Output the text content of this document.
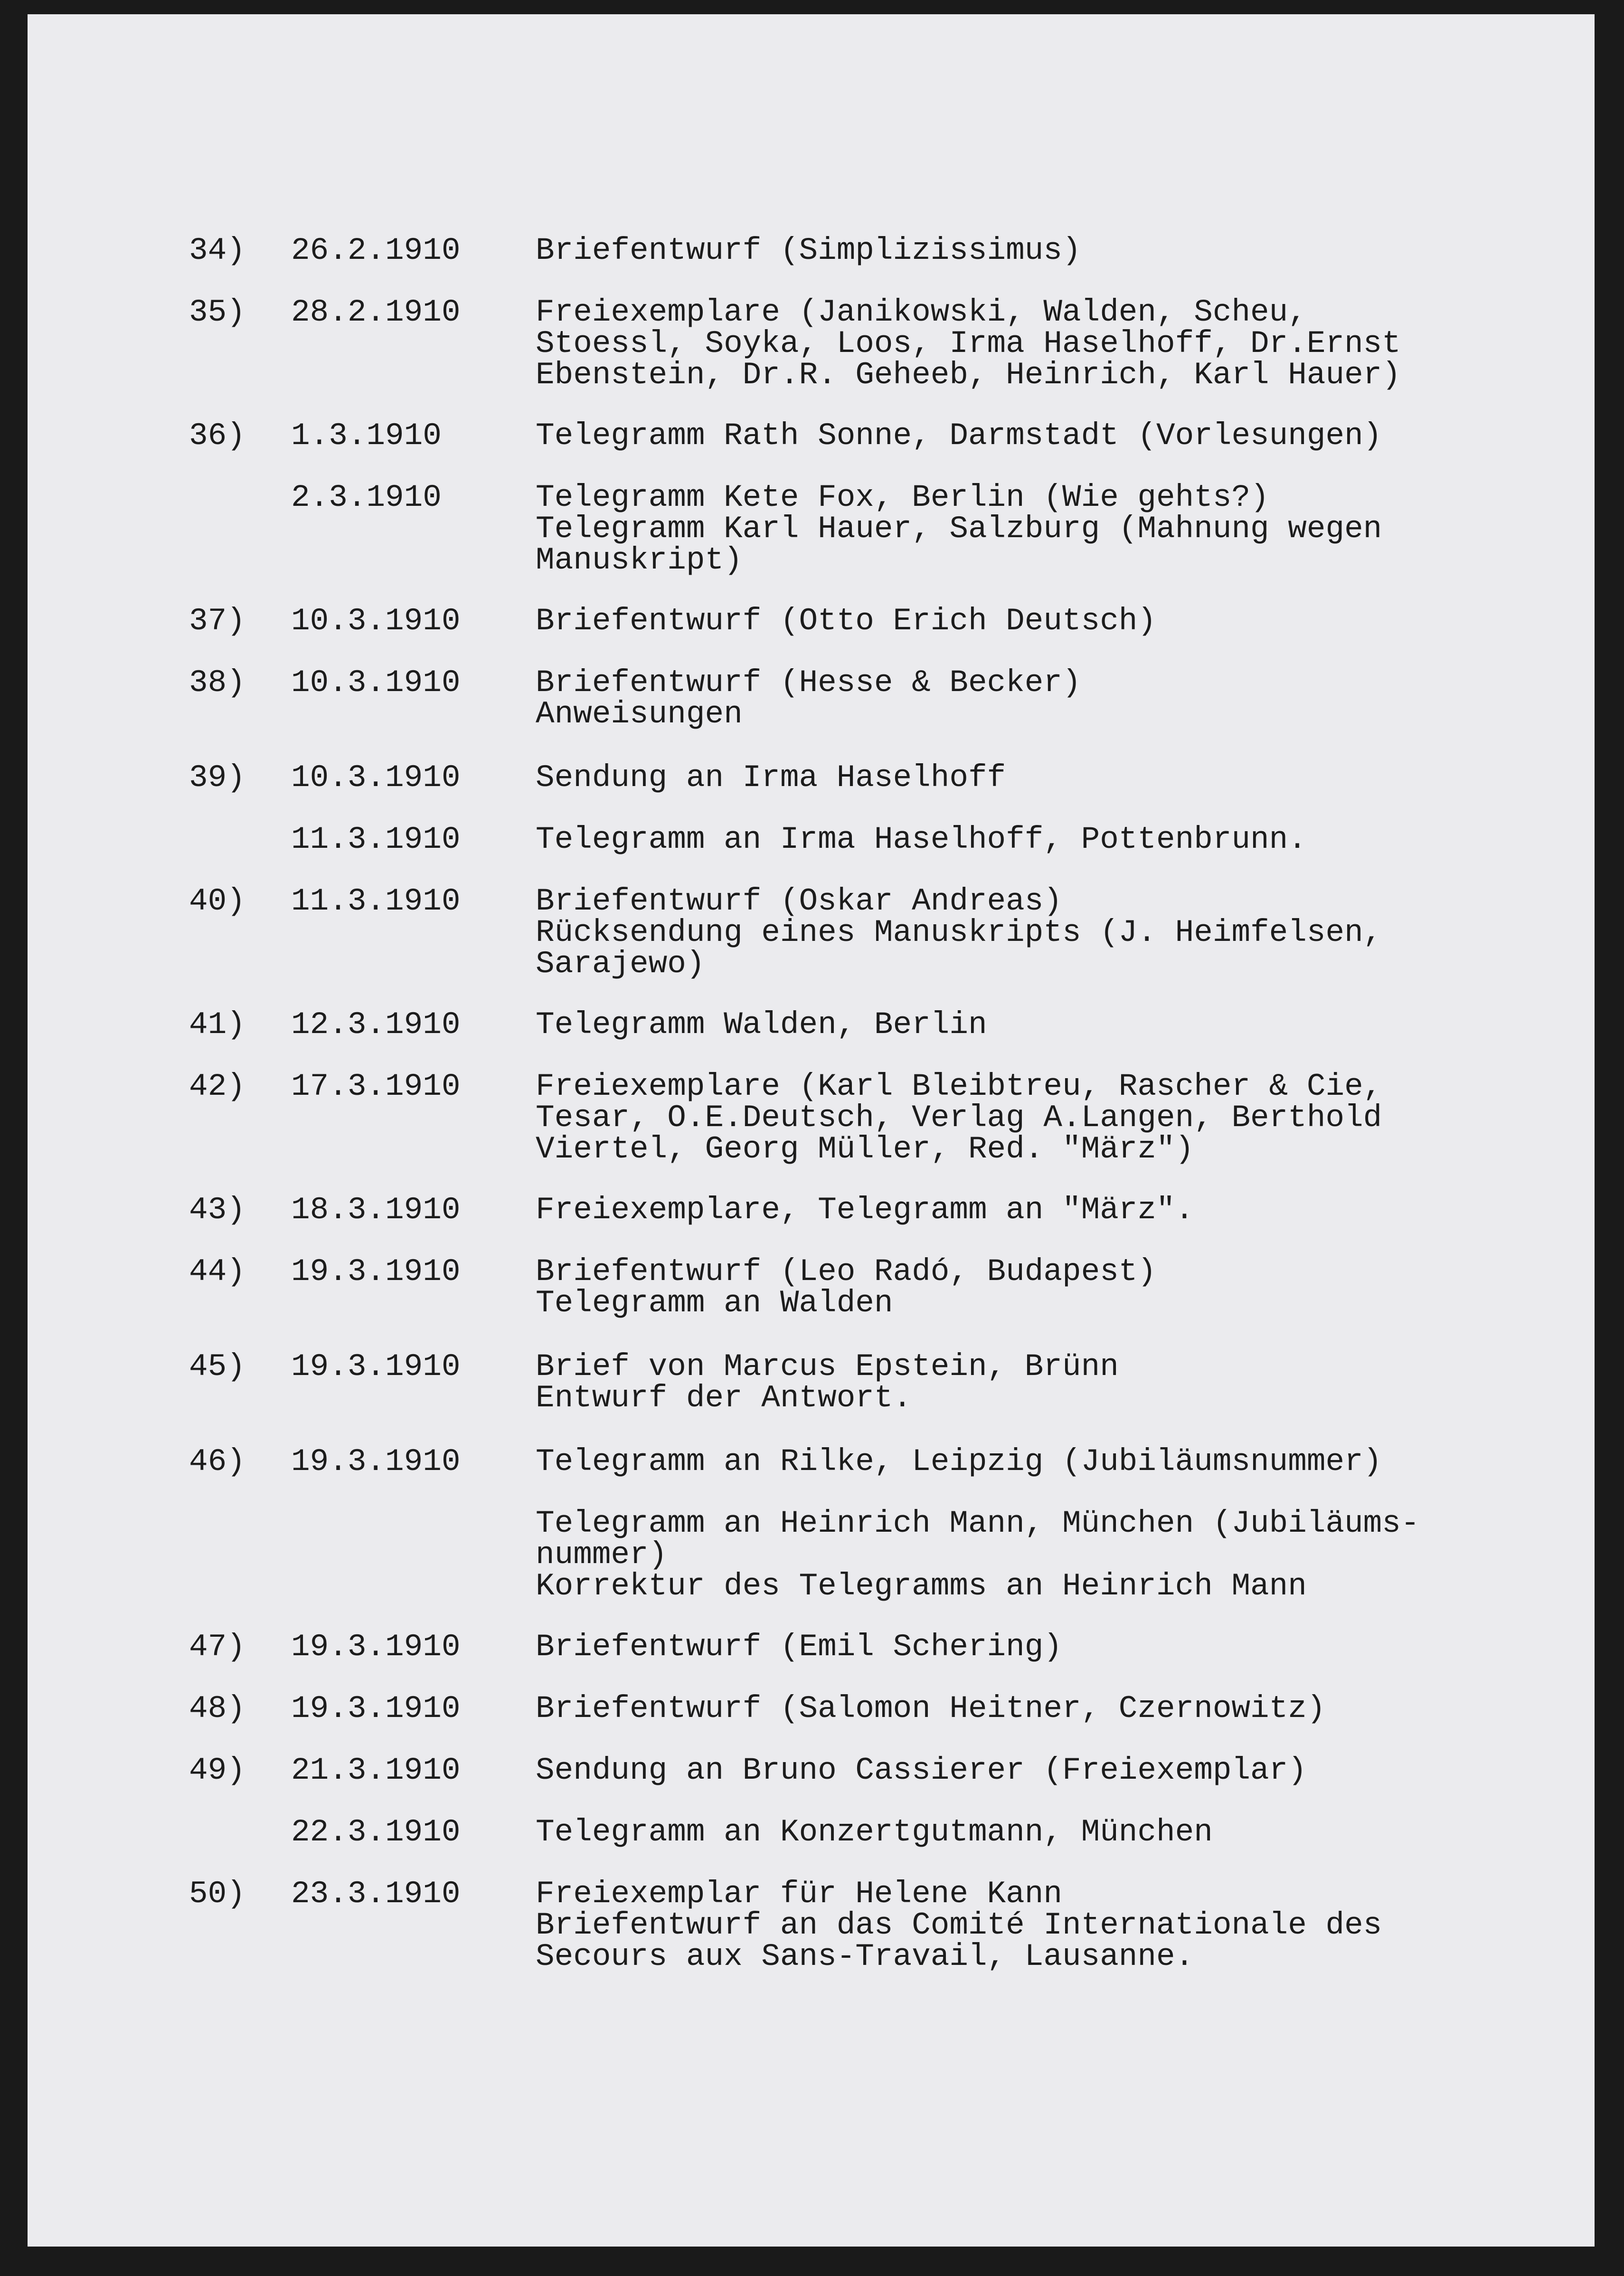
34)	26.2.1910	Briefentwurf (Simplizissimus)
35)	28.2.1910	Freiexemplare (Janikowski, Walden, Scheu,
Stoessl, Soyka, Loos, Irma Haselhoff, Dr.Ernst
Ebenstein, Dr.R. Geheeb, Heinrich, Karl Hauer)
36)	1.3.1910	Telegramm Rath Sonne, Darmstadt (Vorlesungen)
2.3.1910	Telegramm Kete Fox, Berlin (Wie gehts?)
Telegramm Karl Hauer, Salzburg (Mahnung wegen
Manuskript)
37)	10.3.1910	Briefentwurf (Otto Erich Deutsch)
38)	10.3.1910	Briefentwurf (Hesse & Becker)
Anweisungen
39)	10.3.1910	Sendung an Irma Haselhoff
11.3.1910	Telegramm an Irma Haselhoff, Pottenbrunn.
40)	11.3.1910	Briefentwurf (Oskar Andreas)
Rücksendung eines Manuskripts (J. Heimfelsen,
Sarajewo)
41)	12.3.1910	Telegramm Walden, Berlin
42)	17.3.1910	Freiexemplare (Karl Bleibtreu, Rascher & Cie,
Tesar, O.E.Deutsch, Verlag A.Langen, Berthold
Viertel, Georg Müller, Red. "März")
43)	18.3.1910	Freiexemplare, Telegramm an "März".
44)	19.3.1910	Briefentwurf (Leo Radó, Budapest)
Telegramm an Walden
45)	19.3.1910	Brief von Marcus Epstein, Brünn
Entwurf der Antwort.
46)	19.3.1910	Telegramm an Rilke, Leipzig (Jubiläumsnummer)
Telegramm an Heinrich Mann, München (Jubiläums-
nummer)
Korrektur des Telegramms an Heinrich Mann
47)	19.3.1910	Briefentwurf (Emil Schering)
48)	19.3.1910	Briefentwurf (Salomon Heitner, Czernowitz)
49)	21.3.1910	Sendung an Bruno Cassierer (Freiexemplar)
22.3.1910	Telegramm an Konzertgutmann, München
50)	23.3.1910	Freiexemplar für Helene Kann
Briefentwurf an das Comité Internationale des
Secours aux Sans-Travail, Lausanne.
